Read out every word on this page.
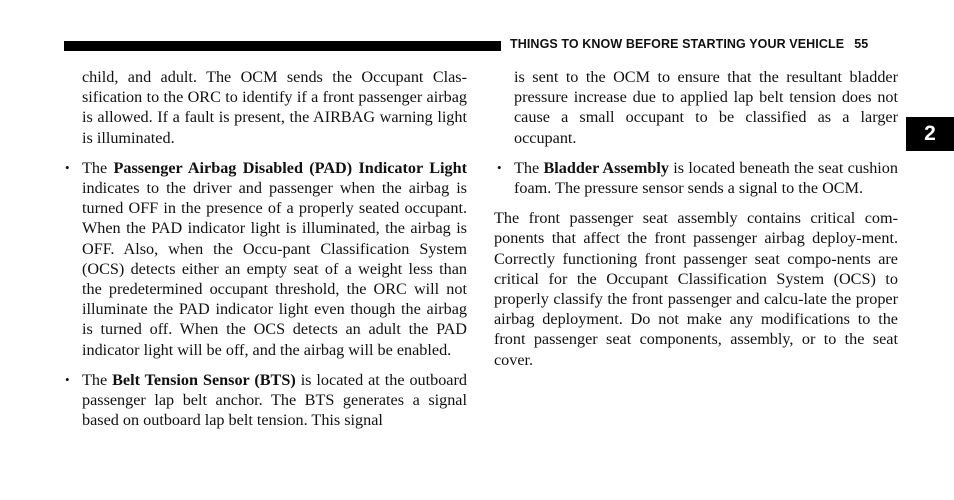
THINGS TO KNOW BEFORE STARTING YOUR VEHICLE 55
2

child, and adult. The OCM sends the Occupant Clas-sification to the ORC to identify if a front passenger airbag is allowed. If a fault is present, the AIRBAG warning light is illuminated.

• The Passenger Airbag Disabled (PAD) Indicator Light indicates to the driver and passenger when the airbag is turned OFF in the presence of a properly seated occupant. When the PAD indicator light is illuminated, the airbag is OFF. Also, when the Occu-pant Classification System (OCS) detects either an empty seat of a weight less than the predetermined occupant threshold, the ORC will not illuminate the PAD indicator light even though the airbag is turned off. When the OCS detects an adult the PAD indicator light will be off, and the airbag will be enabled.
• The Belt Tension Sensor (BTS) is located at the outboard passenger lap belt anchor. The BTS generates a signal based on outboard lap belt tension. This signal

is sent to the OCM to ensure that the resultant bladder pressure increase due to applied lap belt tension does not cause a small occupant to be classified as a larger occupant.

• The Bladder Assembly is located beneath the seat cushion foam. The pressure sensor sends a signal to the OCM.

The front passenger seat assembly contains critical com-ponents that affect the front passenger airbag deploy-ment. Correctly functioning front passenger seat compo-nents are critical for the Occupant Classification System (OCS) to properly classify the front passenger and calcu-late the proper airbag deployment. Do not make any modifications to the front passenger seat components, assembly, or to the seat cover.
